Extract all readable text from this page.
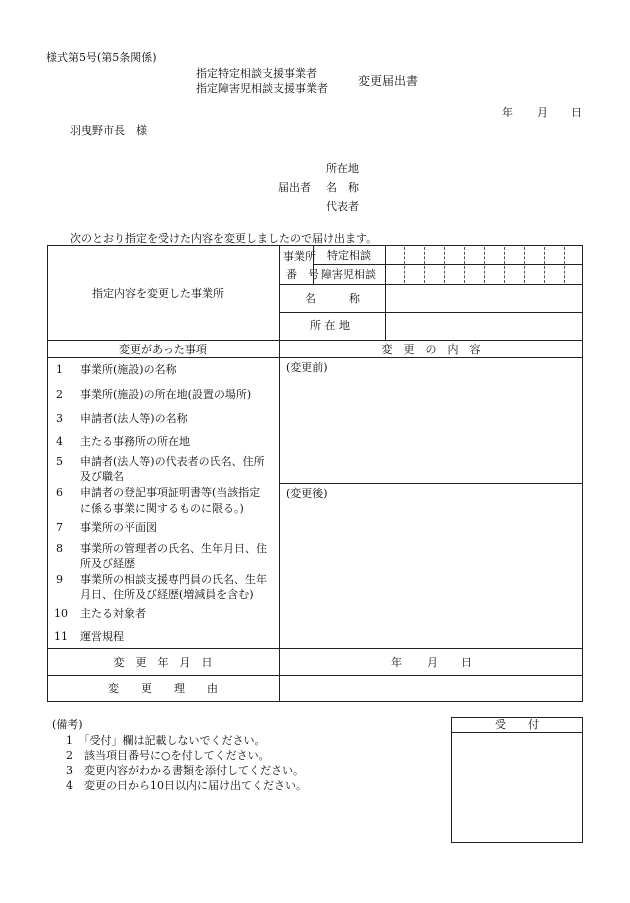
様式第5号(第5条関係)
指定特定相談支援事業者
指定障害児相談支援事業者
変更届出書
年 月 日
羽曳野市長　様
所在地
届出者 名　称
代表者
次のとおり指定を受けた内容を変更しましたので届け出ます。
指定内容を変更した事業所
事業所
番　号
特定相談
障害児相談
名　　　称
所 在 地
変更があった事項	変　更　の　内　容
(変更前)
(変更後)
1 事業所(施設)の名称
2 事業所(施設)の所在地(設置の場所)
3 申請者(法人等)の名称
4 主たる事務所の所在地
5 申請者(法人等)の代表者の氏名、住所
及び職名
6 申請者の登記事項証明書等(当該指定
に係る事業に関するものに限る。)
7 事業所の平面図
8 事業所の管理者の氏名、生年月日、住
所及び経歴
9 事業所の相談支援専門員の氏名、生年
月日、住所及び経歴(増減員を含む)
10 主たる対象者
11 運営規程
変　更　年　月　日	年 月 日
変　　更　　理　　由
(備考)
1　「受付」欄は記載しないでください。
2　該当項目番号に○を付してください。
3　変更内容がわかる書類を添付してください。
4　変更の日から10日以内に届け出てください。
受　　付
